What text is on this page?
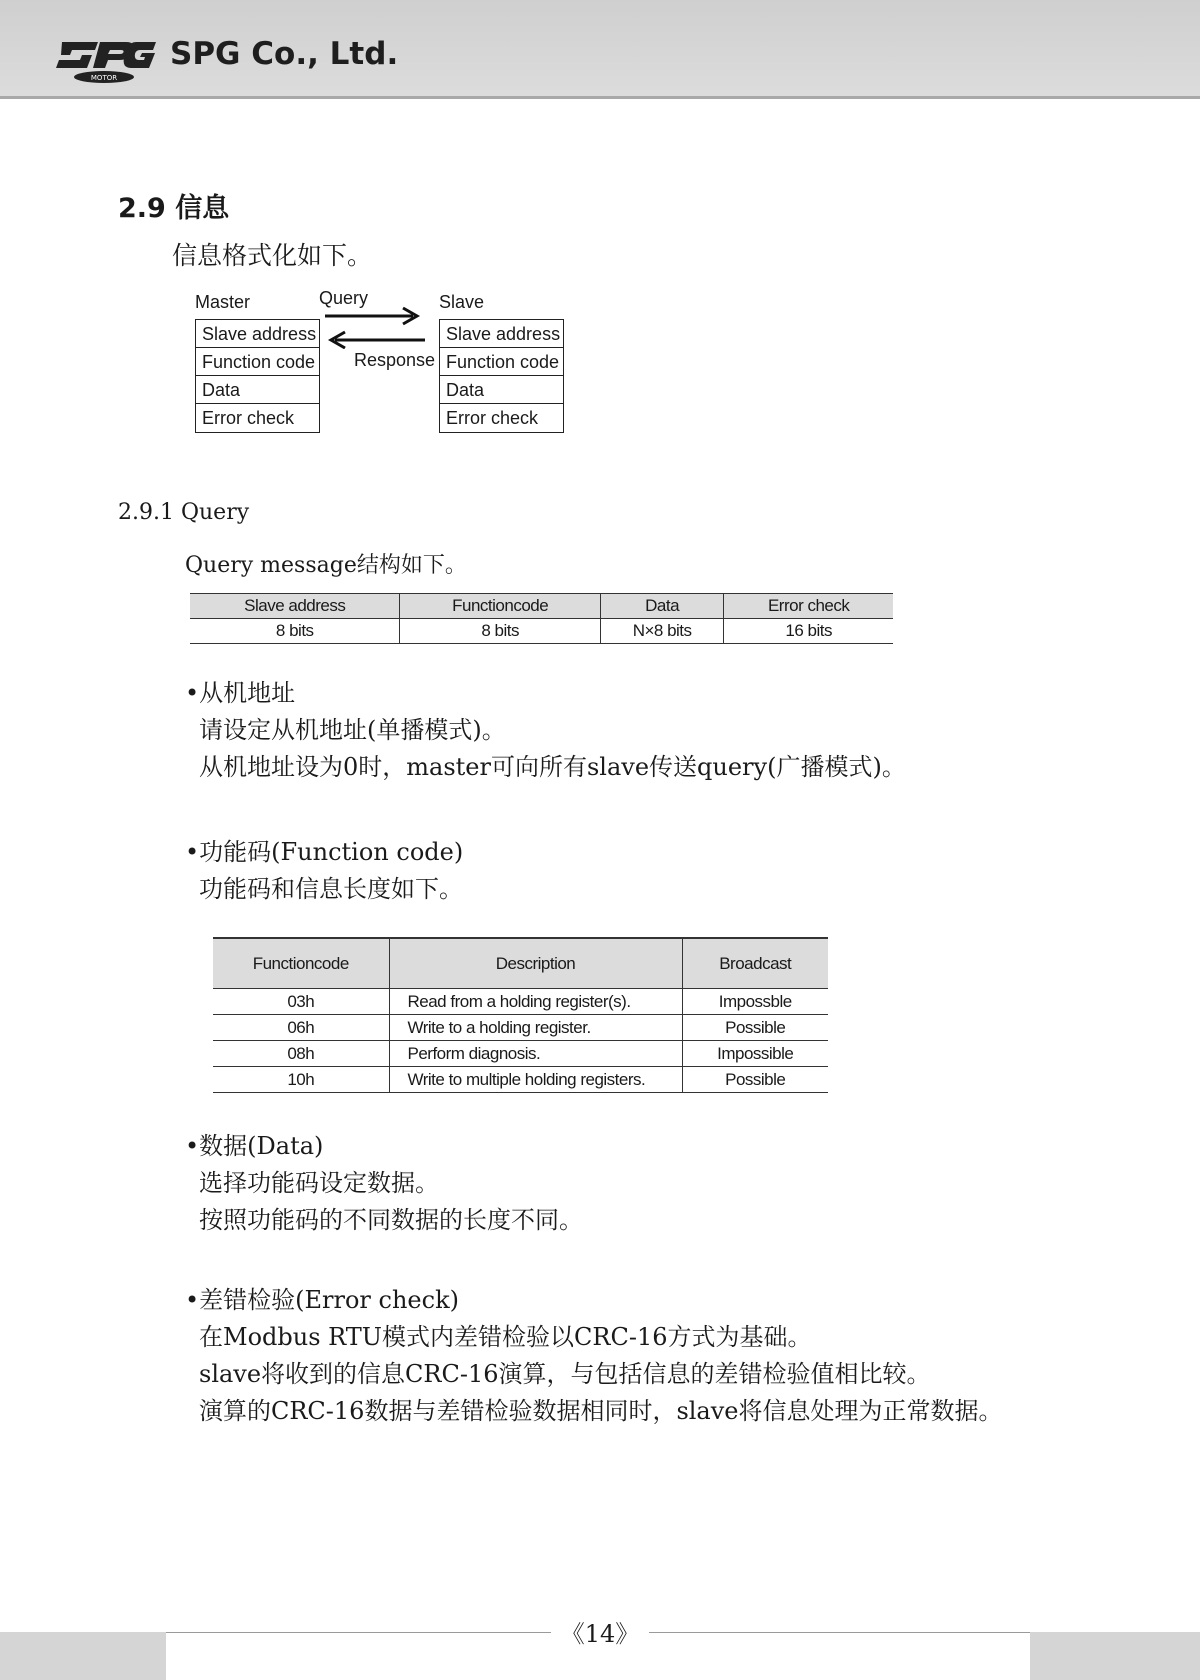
MOTOR
SPG Co., Ltd.
2.9 信息
信息格式化如下。
Master	Query	Slave
Response
Slave address
Function code
Data
Error check
Slave address
Function code
Data
Error check
2.9.1 Query
Query message结构如下。
Slave address	Functioncode	Data	Error check
8 bits	8 bits	N×8 bits	16 bits
•从机地址
请设定从机地址(单播模式)。
从机地址设为0时，master可向所有slave传送query(广播模式)。
•功能码(Function code)
功能码和信息长度如下。
Functioncode	Description	Broadcast
03h	Read from a holding register(s).	Impossble
06h	Write to a holding register.	Possible
08h	Perform diagnosis.	Impossible
10h	Write to multiple holding registers.	Possible
•数据(Data)
选择功能码设定数据。
按照功能码的不同数据的长度不同。
•差错检验(Error check)
在Modbus RTU模式内差错检验以CRC-16方式为基础。
slave将收到的信息CRC-16演算，与包括信息的差错检验值相比较。
演算的CRC-16数据与差错检验数据相同时，slave将信息处理为正常数据。
《14》
